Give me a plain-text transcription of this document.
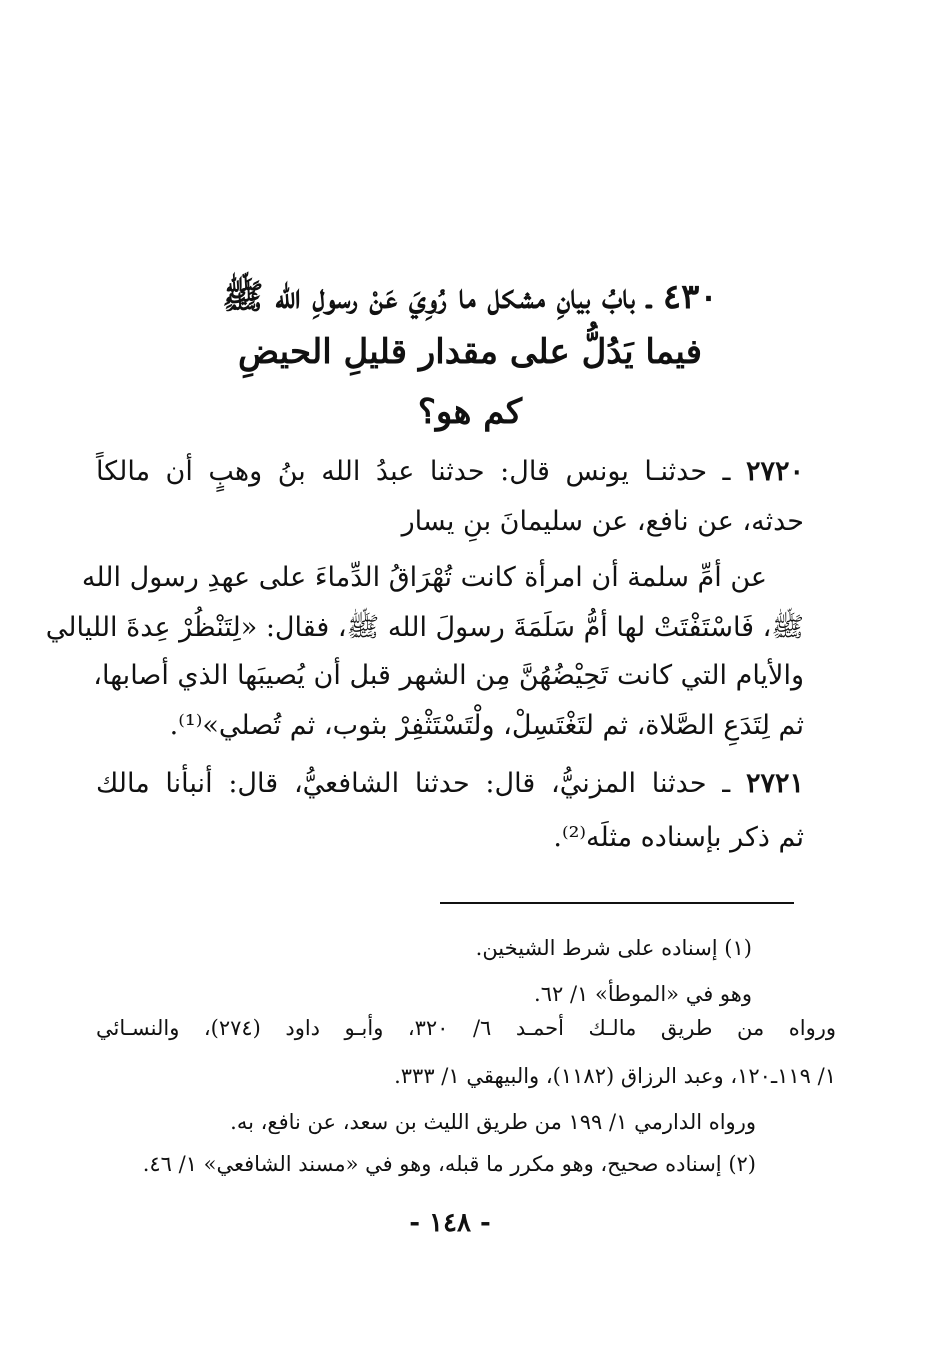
٤٣٠ ـ بابُ بيانِ مشكل ما رُوِيَ عَنْ رسولِ الله ﷺ
فيما يَدُلُّ على مقدار قليلِ الحيضِ
كم هو؟
٢٧٢٠ ـ حدثنـا يونس قال: حدثنا عبدُ الله بنُ وهبٍ أن مالكاً
حدثه، عن نافع، عن سليمانَ بنِ يسار
عن أمِّ سلمة أن امرأة كانت تُهْرَاقُ الدِّماءَ على عهدِ رسول الله
ﷺ، فَاسْتَفْتَتْ لها أمُّ سَلَمَةَ رسولَ الله ﷺ، فقال: «لِتَنْظُرْ عِدةَ الليالي
والأيام التي كانت تَحِيْضُهُنَّ مِن الشهر قبل أن يُصيبَها الذي أصابها،
ثم لِتَدَعِ الصَّلاة، ثم لتَغْتَسِلْ، ولْتَسْتَثْفِرْ بثوب، ثم تُصلي»⁽¹⁾.
٢٧٢١ ـ حدثنا المزنيُّ، قال: حدثنا الشافعيُّ، قال: أنبأنا مالك
ثم ذكر بإسناده مثلَه⁽²⁾.
(١) إسناده على شرط الشيخين.
وهو في «الموطأ» ١/ ٦٢.
ورواه من طريق مالـك أحمـد ٦/ ٣٢٠، وأبـو داود (٢٧٤)، والنسـائي
١/ ١١٩ـ١٢٠، وعبد الرزاق (١١٨٢)، والبيهقي ١/ ٣٣٣.
ورواه الدارمي ١/ ١٩٩ من طريق الليث بن سعد، عن نافع، به.
(٢) إسناده صحيح، وهو مكرر ما قبله، وهو في «مسند الشافعي» ١/ ٤٦.
- ١٤٨ -
